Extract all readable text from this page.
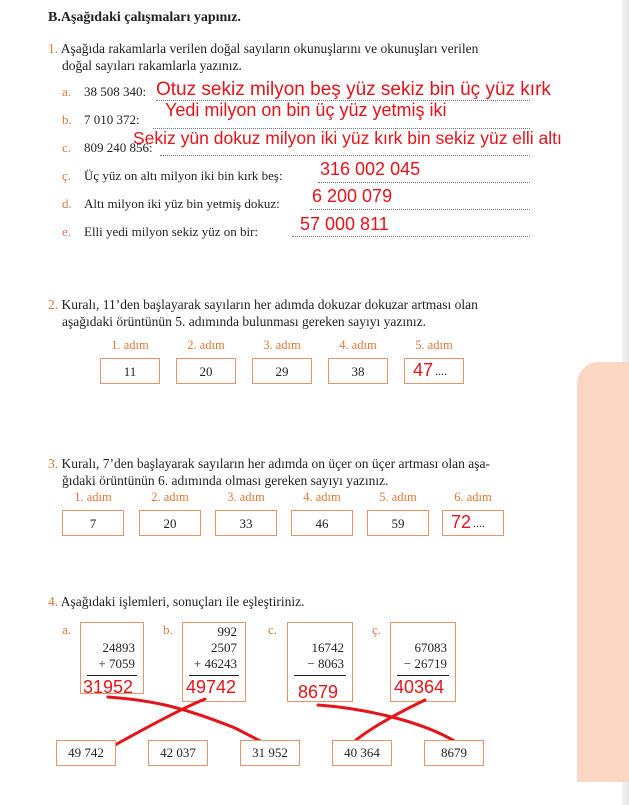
B.Aşağıdaki çalışmaları yapınız.
1. Aşağıda rakamlarla verilen doğal sayıların okunuşlarını ve okunuşları verilen
doğal sayıları rakamlarla yazınız.
a. 38 508 340: Otuz sekiz milyon beş yüz sekiz bin üç yüz kırk
b. 7 010 372: Yedi milyon on bin üç yüz yetmiş iki
c. 809 240 856:
Sekiz yün dokuz milyon iki yüz kırk bin sekiz yüz elli altı
ç. Üç yüz on altı milyon iki bin kırk beş: 316 002 045
d. Altı milyon iki yüz bin yetmiş dokuz: 6 200 079
e. Elli yedi milyon sekiz yüz on bir: 57 000 811
2. Kuralı, 11’den başlayarak sayıların her adımda dokuzar dokuzar artması olan
aşağıdaki örüntünün 5. adımında bulunması gereken sayıyı yazınız.
1. adım	2. adım	3. adım	4. adım	5. adım
11	20	29	38	47 ....
3. Kuralı, 7’den başlayarak sayıların her adımda on üçer on üçer artması olan aşa-
ğıdaki örüntünün 6. adımında olması gereken sayıyı yazınız.
1. adım	2. adım	3. adım	4. adım	5. adım	6. adım
7	20	33	46	59	72 ....
4. Aşağıdaki işlemleri, sonuçları ile eşleştiriniz.
a.
24893
+ 7059
31952
b.	992
2507
+ 46243
49742
c.
16742
− 8063
8679
ç.
67083
− 26719
40364
49 742	42 037	31 952	40 364	8679
